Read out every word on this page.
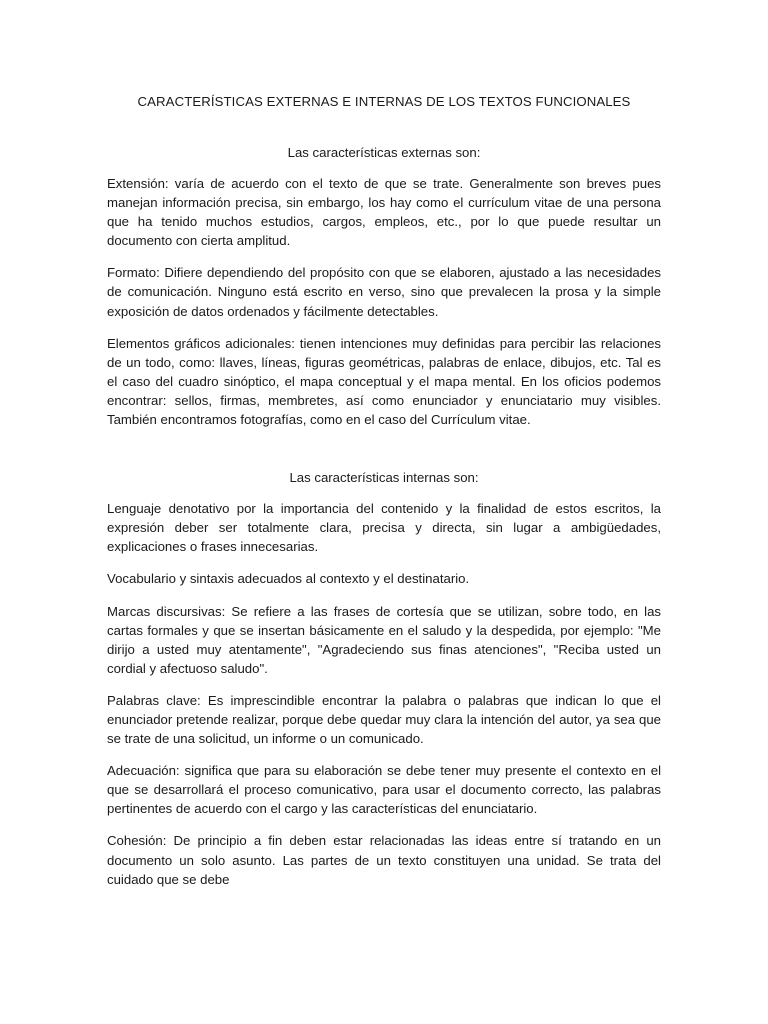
CARACTERÍSTICAS EXTERNAS E INTERNAS DE LOS TEXTOS FUNCIONALES
Las características externas son:

Extensión: varía de acuerdo con el texto de que se trate. Generalmente son breves pues manejan información precisa, sin embargo, los hay como el currículum vitae de una persona que ha tenido muchos estudios, cargos, empleos, etc., por lo que puede resultar un documento con cierta amplitud.

Formato: Difiere dependiendo del propósito con que se elaboren, ajustado a las necesidades de comunicación. Ninguno está escrito en verso, sino que prevalecen la prosa y la simple exposición de datos ordenados y fácilmente detectables.

Elementos gráficos adicionales: tienen intenciones muy definidas para percibir las relaciones de un todo, como: llaves, líneas, figuras geométricas, palabras de enlace, dibujos, etc. Tal es el caso del cuadro sinóptico, el mapa conceptual y el mapa mental. En los oficios podemos encontrar: sellos, firmas, membretes, así como enunciador y enunciatario muy visibles. También encontramos fotografías, como en el caso del Currículum vitae.

Las características internas son:

Lenguaje denotativo por la importancia del contenido y la finalidad de estos escritos, la expresión deber ser totalmente clara, precisa y directa, sin lugar a ambigüedades, explicaciones o frases innecesarias.

Vocabulario y sintaxis adecuados al contexto y el destinatario.

Marcas discursivas: Se refiere a las frases de cortesía que se utilizan, sobre todo, en las cartas formales y que se insertan básicamente en el saludo y la despedida, por ejemplo: "Me dirijo a usted muy atentamente", "Agradeciendo sus finas atenciones", "Reciba usted un cordial y afectuoso saludo".

Palabras clave: Es imprescindible encontrar la palabra o palabras que indican lo que el enunciador pretende realizar, porque debe quedar muy clara la intención del autor, ya sea que se trate de una solicitud, un informe o un comunicado.

Adecuación: significa que para su elaboración se debe tener muy presente el contexto en el que se desarrollará el proceso comunicativo, para usar el documento correcto, las palabras pertinentes de acuerdo con el cargo y las características del enunciatario.

Cohesión: De principio a fin deben estar relacionadas las ideas entre sí tratando en un documento un solo asunto. Las partes de un texto constituyen una unidad. Se trata del cuidado que se debe
